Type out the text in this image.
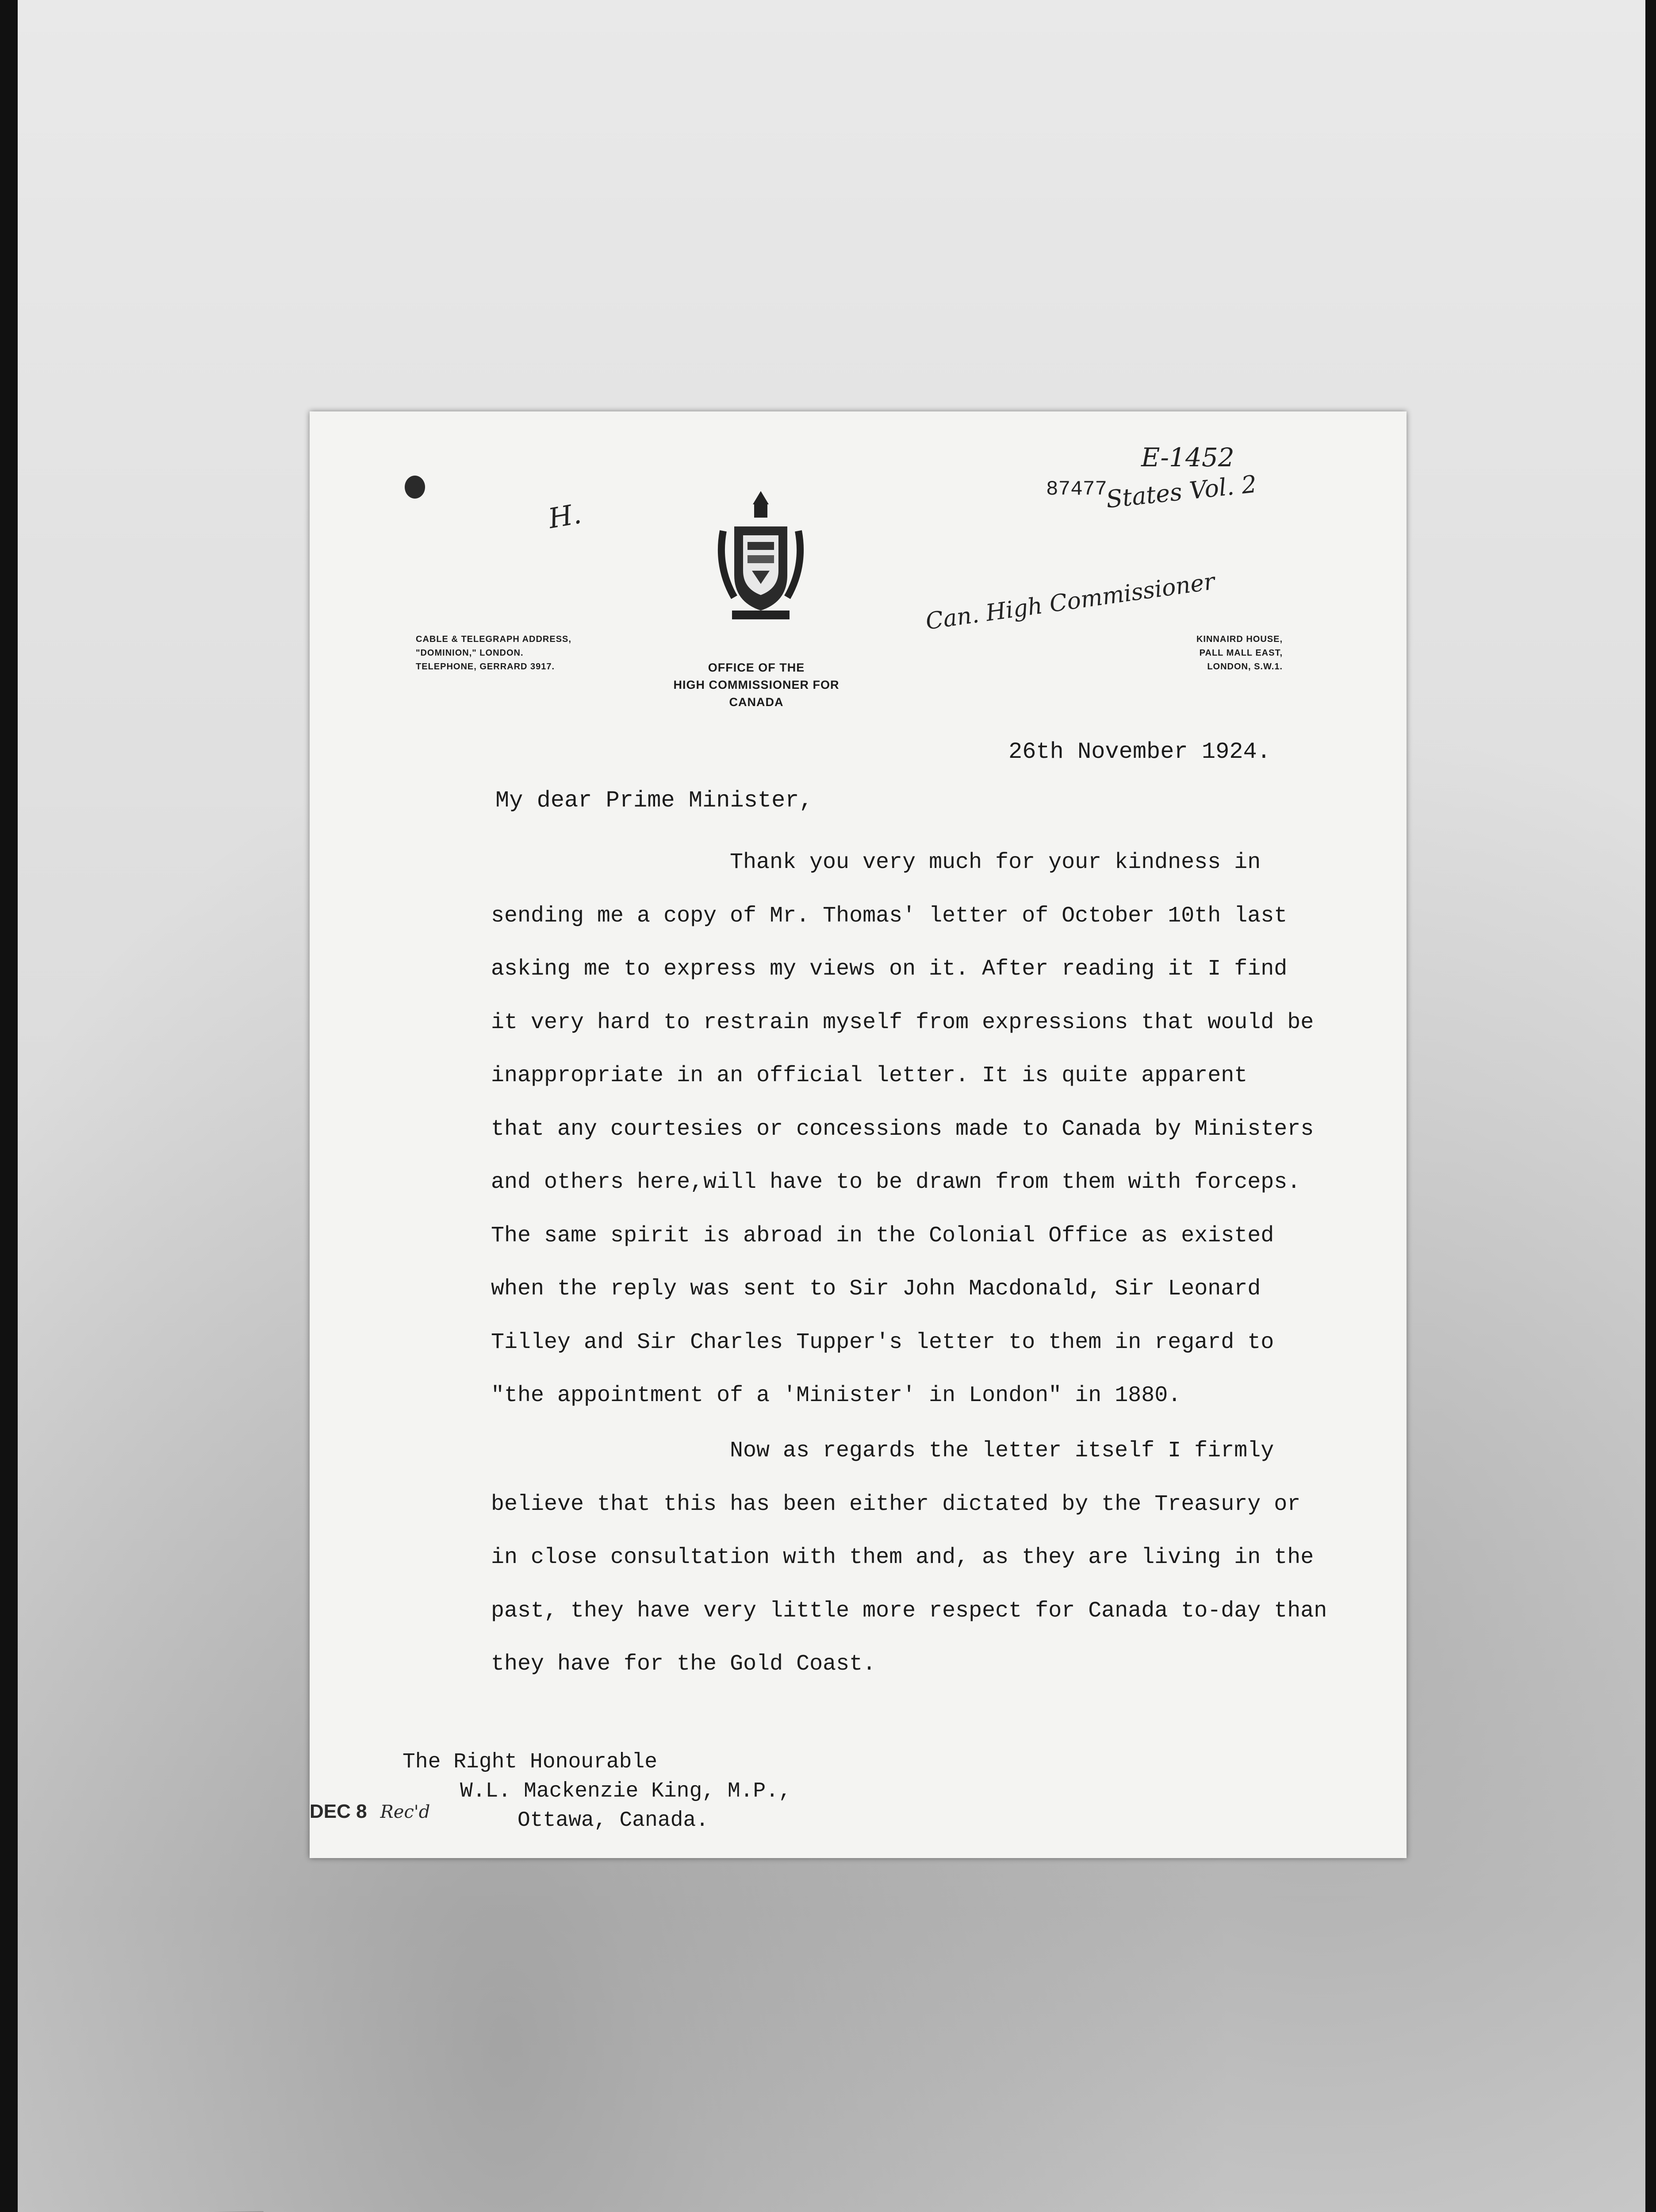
CABLE & TELEGRAPH ADDRESS,
"DOMINION," LONDON.
TELEPHONE, GERRARD 3917.	OFFICE OF THE
HIGH COMMISSIONER FOR CANADA
KINNAIRD HOUSE,
PALL MALL EAST,
LONDON, S.W.1.
H.
87477
E-1452
States Vol. 2
Can. High Commissioner
26th November 1924.
My dear Prime Minister,
Thank you very much for your kindness in
sending me a copy of Mr. Thomas' letter of October 10th last
asking me to express my views on it. After reading it I find
it very hard to restrain myself from expressions that would be
inappropriate in an official letter. It is quite apparent
that any courtesies or concessions made to Canada by Ministers
and others here,will have to be drawn from them with forceps.
The same spirit is abroad in the Colonial Office as existed
when the reply was sent to Sir John Macdonald, Sir Leonard
Tilley and Sir Charles Tupper's letter to them in regard to
"the appointment of a 'Minister' in London" in 1880.
Now as regards the letter itself I firmly
believe that this has been either dictated by the Treasury or
in close consultation with them and, as they are living in the
past, they have very little more respect for Canada to-day than
they have for the Gold Coast.
The Right Honourable
W.L. Mackenzie King, M.P.,
Ottawa, Canada.
DEC 8 Rec'd
